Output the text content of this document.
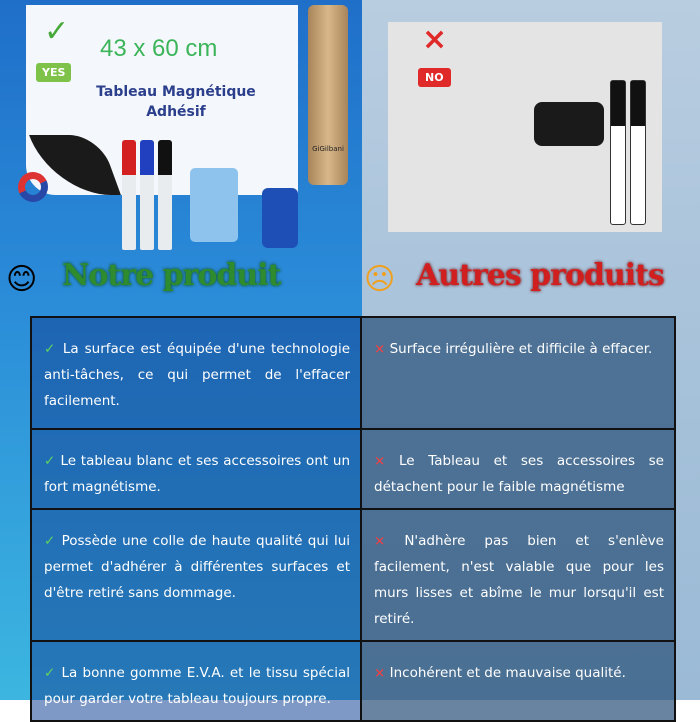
✓
YES
43 x 60 cm
Tableau Magnétique
Adhésif
GiGilbani
×
NO
😊 Notre produit	☹ Autres produits
✓ La surface est équipée d'une technologie anti-tâches, ce qui permet de l'effacer facilement.	× Surface irrégulière et difficile à effacer.
✓ Le tableau blanc et ses accessoires ont un fort magnétisme.	× Le Tableau et ses accessoires se détachent pour le faible magnétisme
✓ Possède une colle de haute qualité qui lui permet d'adhérer à différentes surfaces et d'être retiré sans dommage.	× N'adhère pas bien et s'enlève facilement, n'est valable que pour les murs lisses et abîme le mur lorsqu'il est retiré.
✓ La bonne gomme E.V.A. et le tissu spécial pour garder votre tableau toujours propre.	× Incohérent et de mauvaise qualité.
